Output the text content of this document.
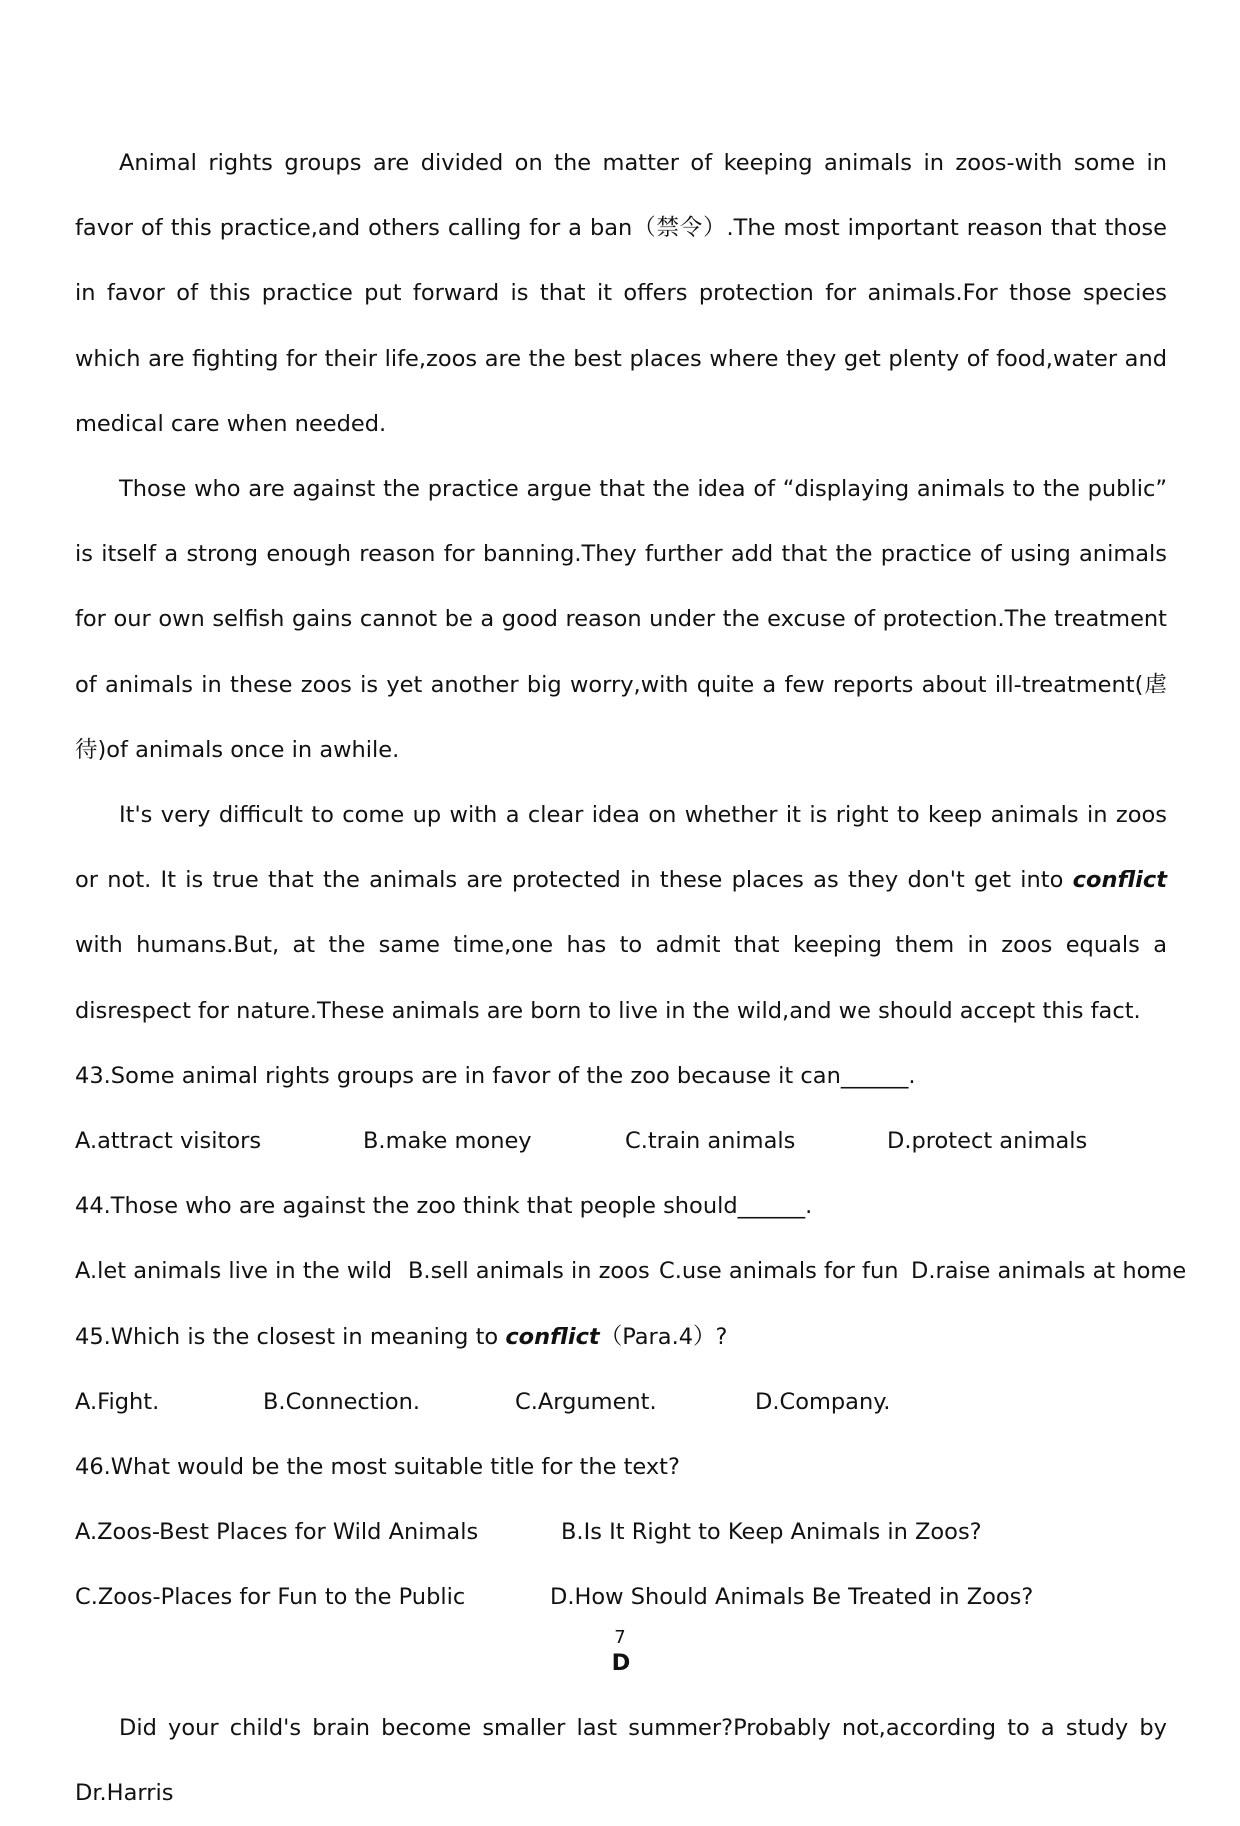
Animal rights groups are divided on the matter of keeping animals in zoos-with some in favor of this practice,and others calling for a ban（禁令）.The most important reason that those in favor of this practice put forward is that it offers protection for animals.For those species which are fighting for their life,zoos are the best places where they get plenty of food,water and medical care when needed.

Those who are against the practice argue that the idea of “displaying animals to the public” is itself a strong enough reason for banning.They further add that the practice of using animals for our own selfish gains cannot be a good reason under the excuse of protection.The treatment of animals in these zoos is yet another big worry,with quite a few reports about ill-treatment(虐待)of animals once in awhile.

It's very difficult to come up with a clear idea on whether it is right to keep animals in zoos or not. It is true that the animals are protected in these places as they don't get into conflict with humans.But, at the same time,one has to admit that keeping them in zoos equals a disrespect for nature.These animals are born to live in the wild,and we should accept this fact.

43.Some animal rights groups are in favor of the zoo because it can______.

A.attract visitors	B.make money	C.train animals	D.protect animals

44.Those who are against the zoo think that people should______.

A.let animals live in the wild B.sell animals in zoos C.use animals for fun D.raise animals at home

45.Which is the closest in meaning to conflict（Para.4）?

A.Fight.	B.Connection.	C.Argument.	D.Company.

46.What would be the most suitable title for the text?

A.Zoos-Best Places for Wild Animals	B.Is It Right to Keep Animals in Zoos?
C.Zoos-Places for Fun to the Public	D.How Should Animals Be Treated in Zoos?

D

Did your child's brain become smaller last summer?Probably not,according to a study by Dr.Harris

7
